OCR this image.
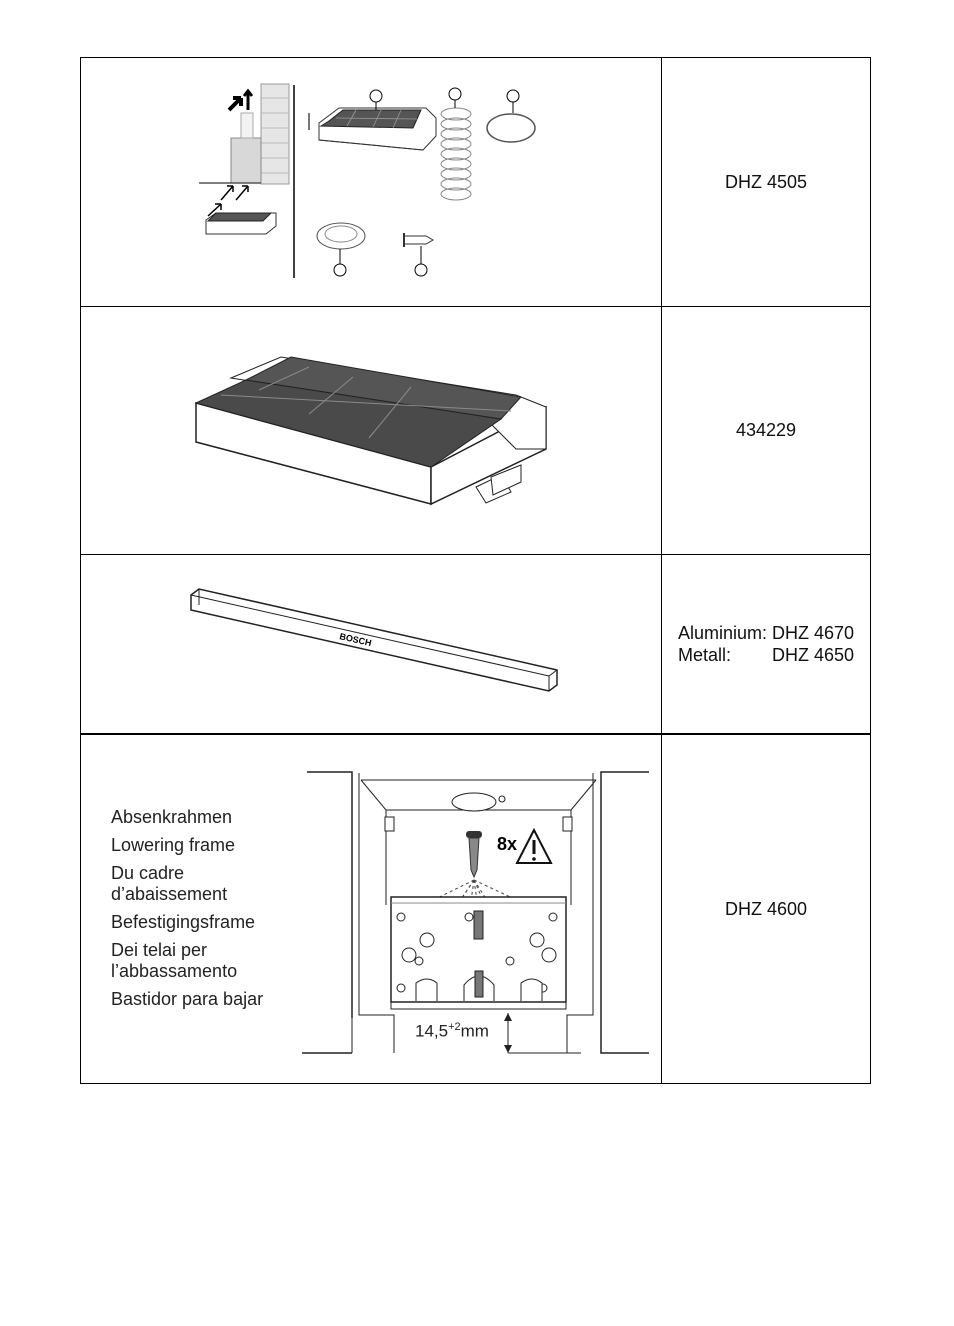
DHZ 4505
434229
BOSCH	Aluminium: DHZ 4670
Metall:	DHZ 4650
Absenkrahmen
Lowering frame
Du cadre d’abaissement
Befestigingsframe
Dei telai per l’abbassamento
Bastidor para bajar
8x
$14,5^{+2}mm$
DHZ 4600
